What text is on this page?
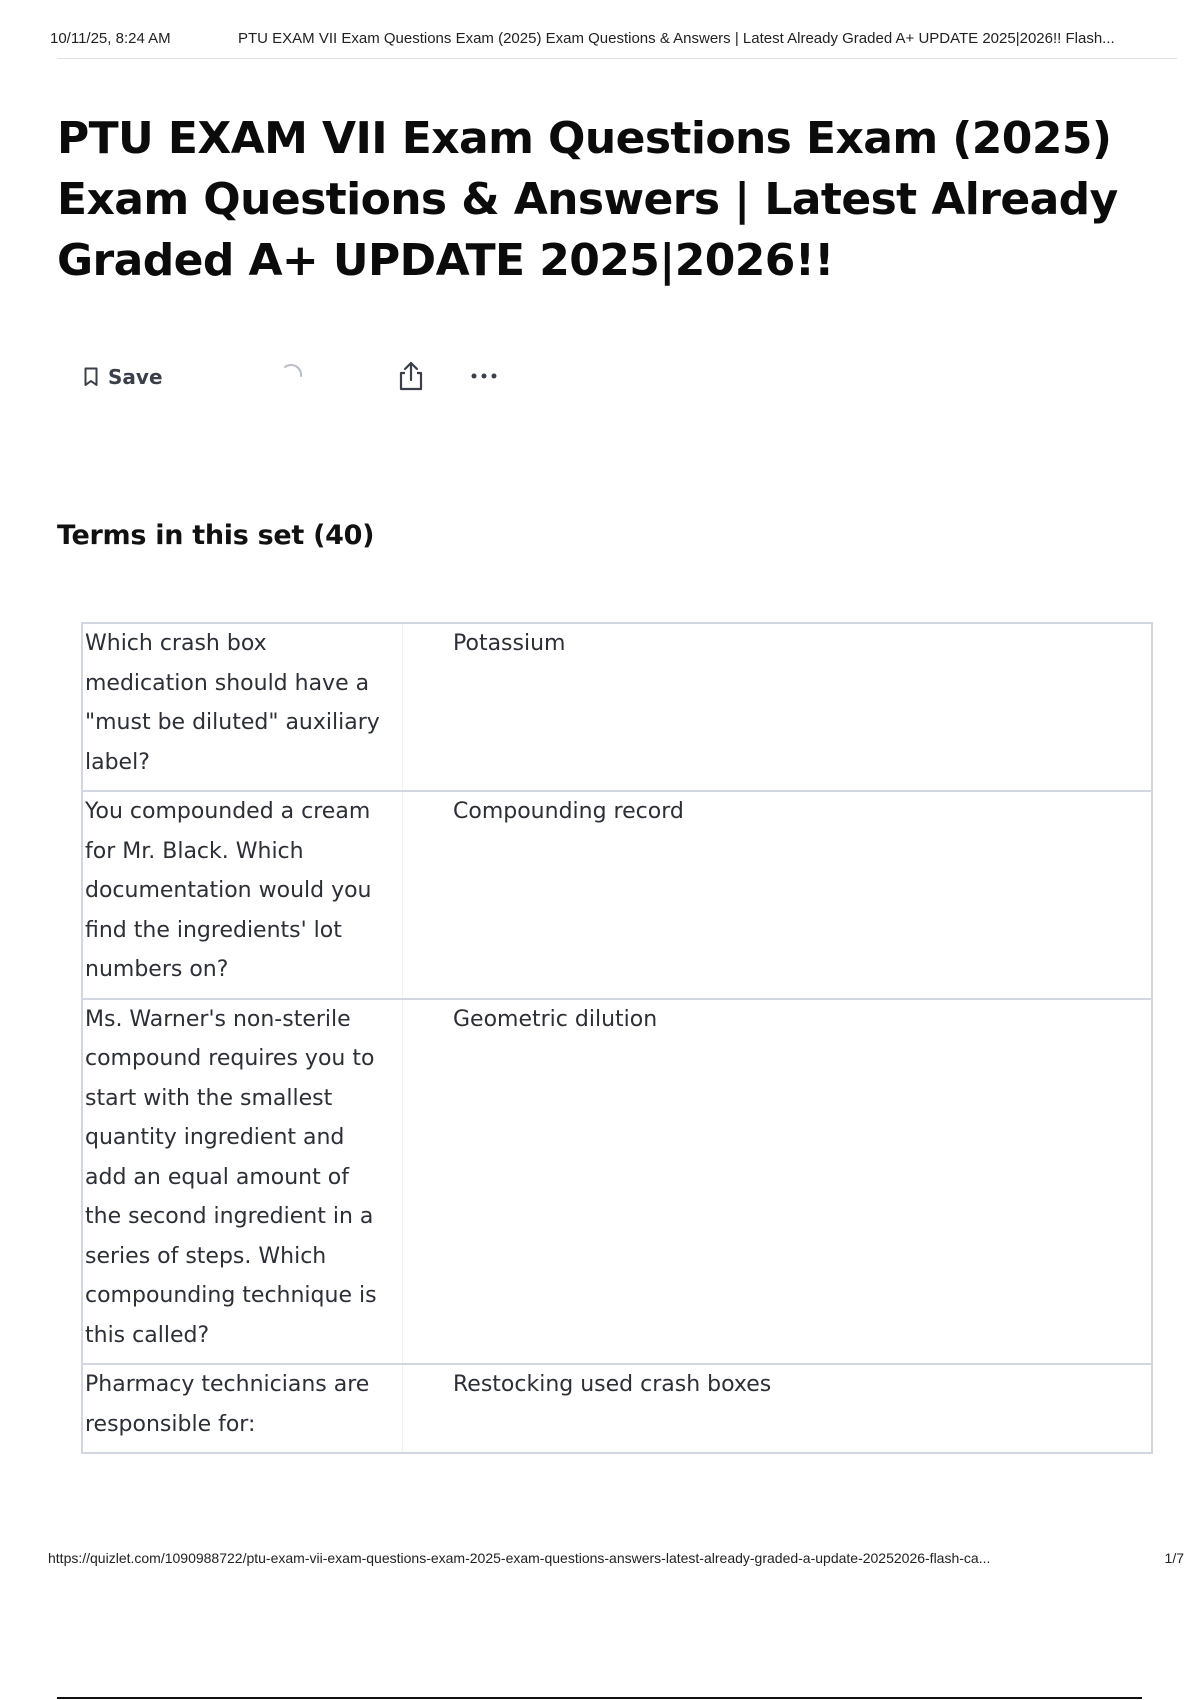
10/11/25, 8:24 AM	PTU EXAM VII Exam Questions Exam (2025) Exam Questions & Answers | Latest Already Graded A+ UPDATE 2025|2026!! Flash...
PTU EXAM VII Exam Questions Exam (2025) Exam Questions & Answers | Latest Already Graded A+ UPDATE 2025|2026!!
Save
Terms in this set (40)
Which crash box medication should have a "must be diluted" auxiliary label?
Potassium
You compounded a cream for Mr. Black. Which documentation would you find the ingredients' lot numbers on?
Compounding record
Ms. Warner's non-sterile compound requires you to start with the smallest quantity ingredient and add an equal amount of the second ingredient in a series of steps. Which compounding technique is this called?
Geometric dilution
Pharmacy technicians are responsible for:
Restocking used crash boxes
https://quizlet.com/1090988722/ptu-exam-vii-exam-questions-exam-2025-exam-questions-answers-latest-already-graded-a-update-20252026-flash-ca...	1/7
